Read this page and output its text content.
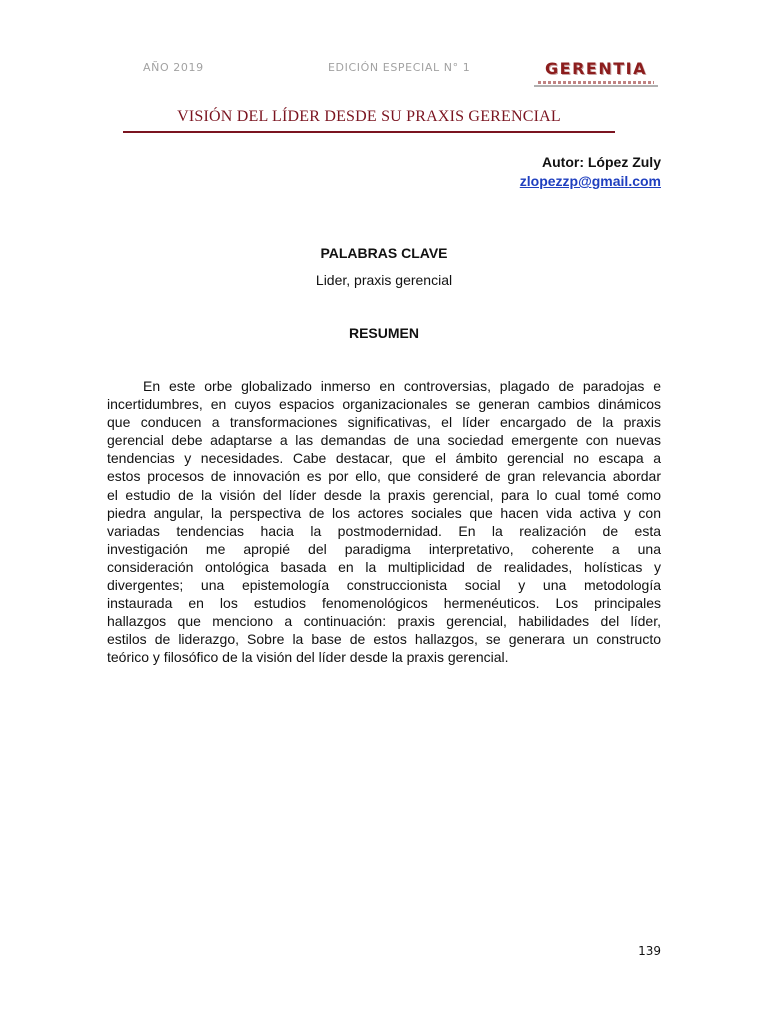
AÑO 2019	EDICIÓN ESPECIAL N° 1	GERENTIA
VISIÓN DEL LÍDER DESDE SU PRAXIS GERENCIAL
Autor: López Zuly
zlopezzp@gmail.com
PALABRAS CLAVE
Lider, praxis gerencial
RESUMEN
En este orbe globalizado inmerso en controversias, plagado de paradojas e
incertidumbres, en cuyos espacios organizacionales se generan cambios dinámicos
que conducen a transformaciones significativas, el líder encargado de la praxis
gerencial debe adaptarse a las demandas de una sociedad emergente con nuevas
tendencias y necesidades. Cabe destacar, que el ámbito gerencial no escapa a
estos procesos de innovación es por ello, que consideré de gran relevancia abordar
el estudio de la visión del líder desde la praxis gerencial, para lo cual tomé como
piedra angular, la perspectiva de los actores sociales que hacen vida activa y con
variadas tendencias hacia la postmodernidad. En la realización de esta
investigación me apropié del paradigma interpretativo, coherente a una
consideración ontológica basada en la multiplicidad de realidades, holísticas y
divergentes; una epistemología construccionista social y una metodología
instaurada en los estudios fenomenológicos hermenéuticos. Los principales
hallazgos que menciono a continuación: praxis gerencial, habilidades del líder,
estilos de liderazgo, Sobre la base de estos hallazgos, se generara un constructo
teórico y filosófico de la visión del líder desde la praxis gerencial.
139
